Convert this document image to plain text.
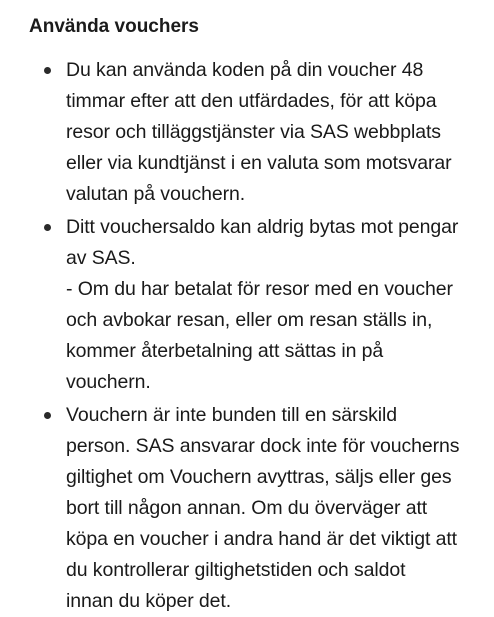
Använda vouchers
Du kan använda koden på din voucher 48
timmar efter att den utfärdades, för att köpa
resor och tilläggstjänster via SAS webbplats
eller via kundtjänst i en valuta som motsvarar
valutan på vouchern.
Ditt vouchersaldo kan aldrig bytas mot pengar
av SAS.
- Om du har betalat för resor med en voucher
och avbokar resan, eller om resan ställs in,
kommer återbetalning att sättas in på
vouchern.
Vouchern är inte bunden till en särskild
person. SAS ansvarar dock inte för voucherns
giltighet om Vouchern avyttras, säljs eller ges
bort till någon annan. Om du överväger att
köpa en voucher i andra hand är det viktigt att
du kontrollerar giltighetstiden och saldot
innan du köper det.
